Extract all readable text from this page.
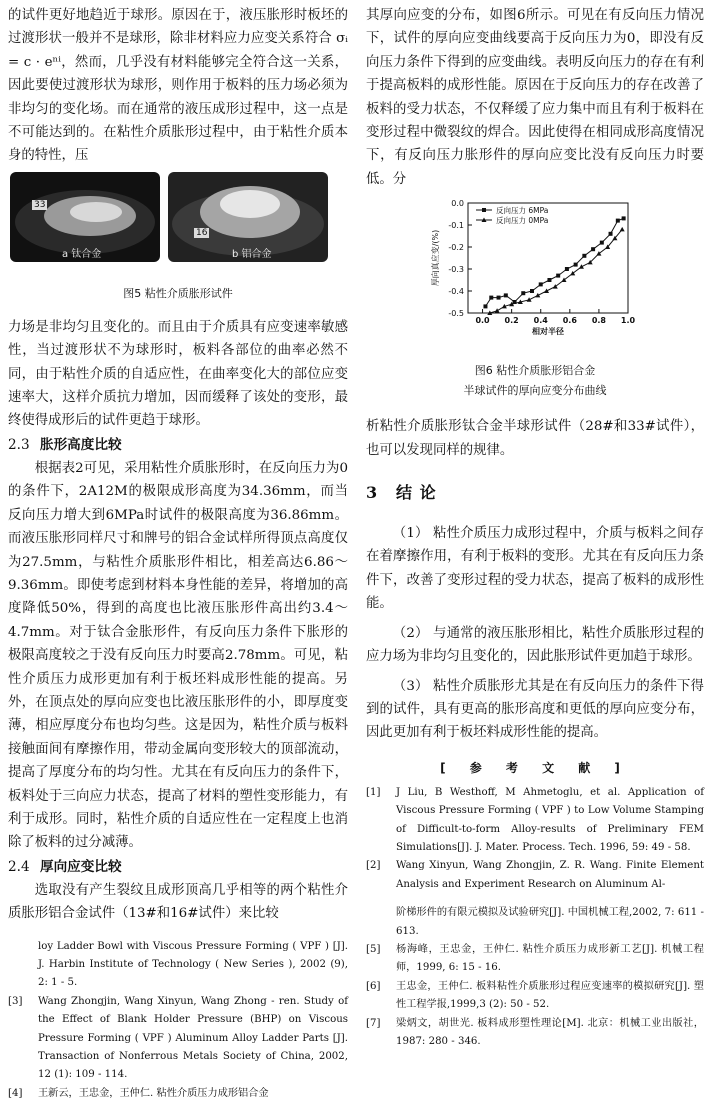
的试件更好地趋近于球形。原因在于，液压胀形时板坯的过渡形状一般并不是球形，除非材料应力应变关系符合 σᵢ = c · eⁿⁱ，然而，几乎没有材料能够完全符合这一关系，因此要使过渡形状为球形，则作用于板料的压力场必须为非均匀的变化场。而在通常的液压成形过程中，这一点是不可能达到的。在粘性介质胀形过程中，由于粘性介质本身的特性，压

33
a 钛合金
16
b 铝合金

图5 粘性介质胀形试件

力场是非均匀且变化的。而且由于介质具有应变速率敏感性，当过渡形状不为球形时，板料各部位的曲率必然不同，由于粘性介质的自适应性，在曲率变化大的部位应变速率大，这样介质抗力增加，因而缓释了该处的变形，最终使得成形后的试件更趋于球形。

2.3 胀形高度比较

根据表2可见，采用粘性介质胀形时，在反向压力为0的条件下，2A12M的极限成形高度为34.36mm，而当反向压力增大到6MPa时试件的极限高度为36.86mm。而液压胀形同样尺寸和牌号的铝合金试样所得顶点高度仅为27.5mm，与粘性介质胀形件相比，相差高达6.86～9.36mm。即使考虑到材料本身性能的差异，将增加的高度降低50%，得到的高度也比液压胀形件高出约3.4～4.7mm。对于钛合金胀形件，有反向压力条件下胀形的极限高度较之于没有反向压力时要高2.78mm。可见，粘性介质压力成形更加有利于板坯料成形性能的提高。另外，在顶点处的厚向应变也比液压胀形件的小，即厚度变薄，相应厚度分布也均匀些。这是因为，粘性介质与板料接触面间有摩擦作用，带动金属向变形较大的顶部流动，提高了厚度分布的均匀性。尤其在有反向压力的条件下，板料处于三向应力状态，提高了材料的塑性变形能力，有利于成形。同时，粘性介质的自适应性在一定程度上也消除了板料的过分减薄。

2.4 厚向应变比较

选取没有产生裂纹且成形顶高几乎相等的两个粘性介质胀形铝合金试件（13#和16#试件）来比较

loy Ladder Bowl with Viscous Pressure Forming ( VPF ) [J]. J. Harbin Institute of Technology ( New Series ), 2002 (9), 2: 1 - 5.
[3]	Wang Zhongjin, Wang Xinyun, Wang Zhong - ren. Study of the Effect of Blank Holder Pressure (BHP) on Viscous Pressure Forming ( VPF ) Aluminum Alloy Ladder Parts [J]. Transaction of Nonferrous Metals Society of China, 2002, 12 (1): 109 - 114.
[4]	王新云，王忠金，王仲仁. 粘性介质压力成形铝合金

其厚向应变的分布，如图6所示。可见在有反向压力情况下，试件的厚向应变曲线要高于反向压力为0，即没有反向压力条件下得到的应变曲线。表明反向压力的存在有利于提高板料的成形性能。原因在于反向压力的存在改善了板料的受力状态，不仅释缓了应力集中而且有利于板料在变形过程中微裂纹的焊合。因此使得在相同成形高度情况下，有反向压力胀形件的厚向应变比没有反向压力时要低。分

0.0
-0.1
-0.2
-0.3
-0.4
-0.5
0.0 0.2 0.4 0.6 0.8 1.0
相对半径
厚向真应变/(%)
反向压力 6MPa
反向压力 0MPa

图6 粘性介质胀形铝合金

半球试件的厚向应变分布曲线

析粘性介质胀形钛合金半球形试件（28#和33#试件），也可以发现同样的规律。

3 结 论

（1） 粘性介质压力成形过程中，介质与板料之间存在着摩擦作用，有利于板料的变形。尤其在有反向压力条件下，改善了变形过程的受力状态，提高了板料的成形性能。

（2） 与通常的液压胀形相比，粘性介质胀形过程的应力场为非均匀且变化的，因此胀形试件更加趋于球形。

（3） 粘性介质胀形尤其是在有反向压力的条件下得到的试件，具有更高的胀形高度和更低的厚向应变分布，因此更加有利于板坯料成形性能的提高。

[ 参 考 文 献 ]

[1]	J Liu, B Westhoff, M Ahmetoglu, et al. Application of Viscous Pressure Forming ( VPF ) to Low Volume Stamping of Difficult-to-form Alloy-results of Preliminary FEM Simulations[J]. J. Mater. Process. Tech. 1996, 59: 49 - 58.
[2]	Wang Xinyun, Wang Zhongjin, Z. R. Wang. Finite Element Analysis and Experiment Research on Aluminum Al-

阶梯形件的有限元模拟及试验研究[J]. 中国机械工程,2002, 7: 611 - 613.

[5]	杨海峰，王忠金，王仲仁. 粘性介质压力成形新工艺[J]. 机械工程师，1999, 6: 15 - 16.
[6]	王忠金，王仲仁. 板料粘性介质胀形过程应变速率的模拟研究[J]. 塑性工程学报,1999,3 (2): 50 - 52.
[7]	梁炳文，胡世光. 板料成形塑性理论[M]. 北京：机械工业出版社，1987: 280 - 346.
